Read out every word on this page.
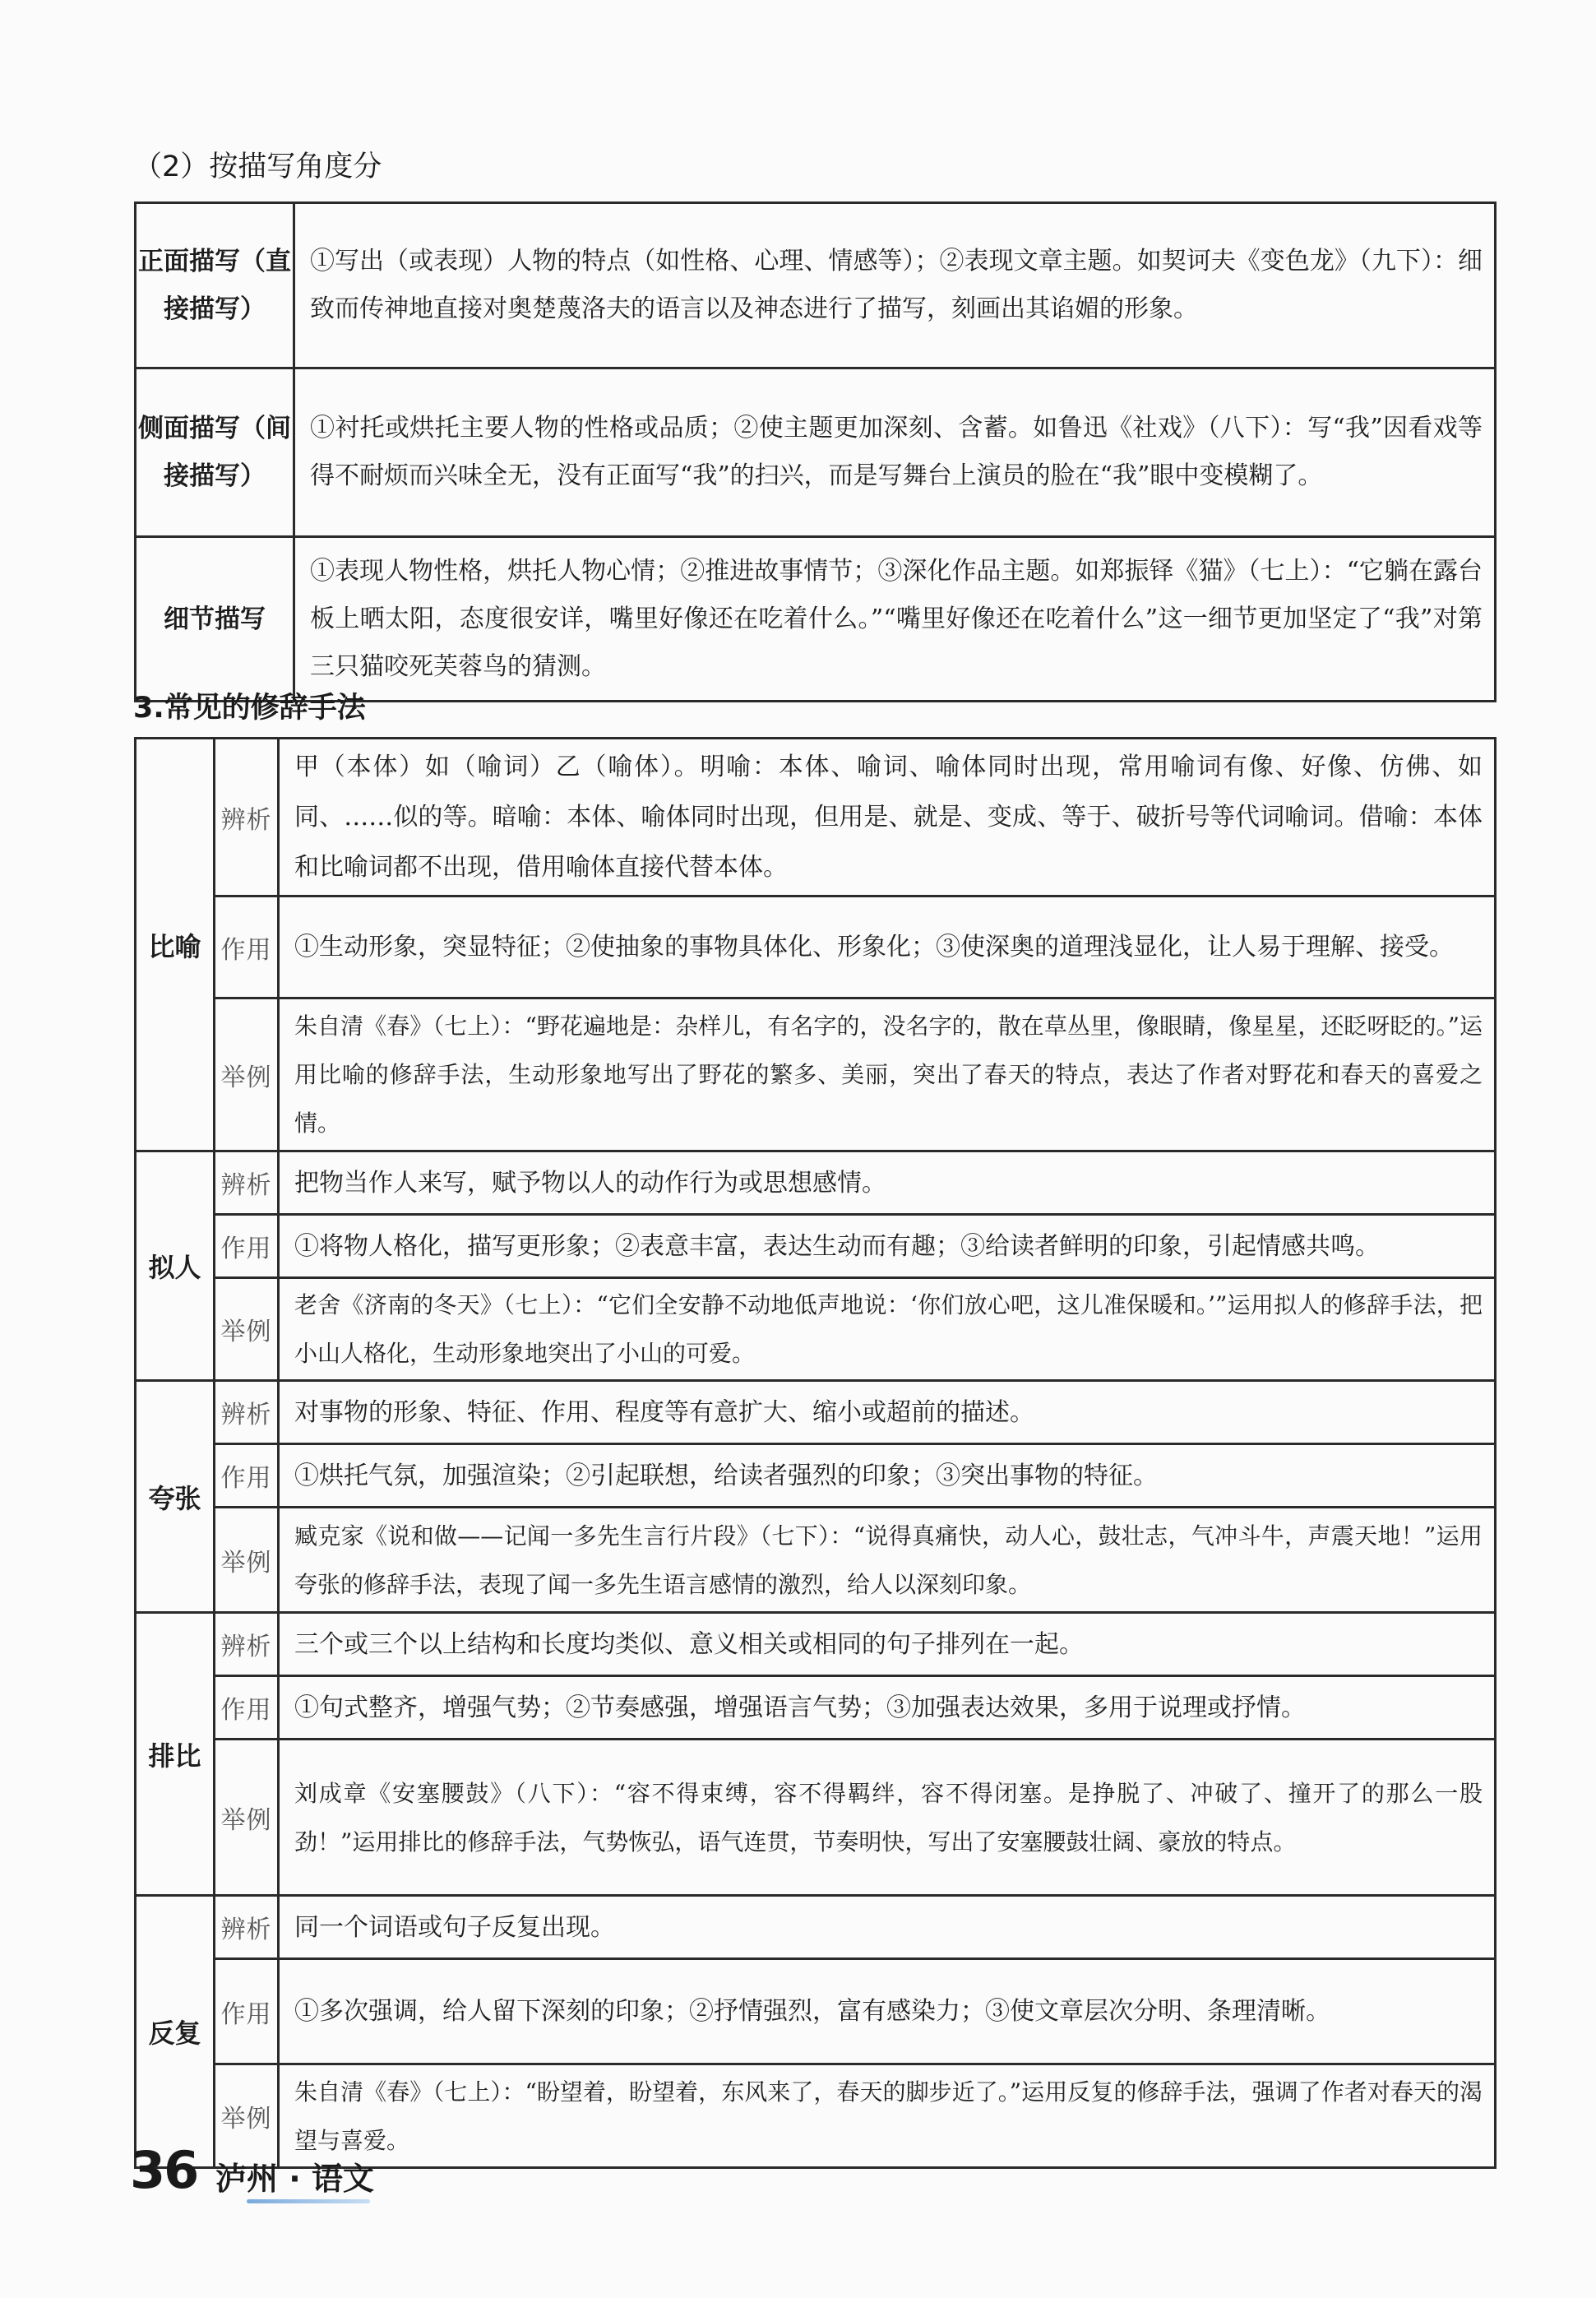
（2）按描写角度分
正面描写（直接描写）	①写出（或表现）人物的特点（如性格、心理、情感等）；②表现文章主题。如契诃夫《变色龙》（九下）：细致而传神地直接对奥楚蔑洛夫的语言以及神态进行了描写，刻画出其谄媚的形象。
侧面描写（间接描写）	①衬托或烘托主要人物的性格或品质；②使主题更加深刻、含蓄。如鲁迅《社戏》（八下）：写“我”因看戏等得不耐烦而兴味全无，没有正面写“我”的扫兴，而是写舞台上演员的脸在“我”眼中变模糊了。
细节描写	①表现人物性格，烘托人物心情；②推进故事情节；③深化作品主题。如郑振铎《猫》（七上）：“它躺在露台板上晒太阳，态度很安详，嘴里好像还在吃着什么。”“嘴里好像还在吃着什么”这一细节更加坚定了“我”对第三只猫咬死芙蓉鸟的猜测。
3.常见的修辞手法
比喻	辨析	甲（本体）如（喻词）乙（喻体）。明喻：本体、喻词、喻体同时出现，常用喻词有像、好像、仿佛、如同、……似的等。暗喻：本体、喻体同时出现，但用是、就是、变成、等于、破折号等代词喻词。借喻：本体和比喻词都不出现，借用喻体直接代替本体。
	作用	①生动形象，突显特征；②使抽象的事物具体化、形象化；③使深奥的道理浅显化，让人易于理解、接受。
	举例	朱自清《春》（七上）：“野花遍地是：杂样儿，有名字的，没名字的，散在草丛里，像眼睛，像星星，还眨呀眨的。”运用比喻的修辞手法，生动形象地写出了野花的繁多、美丽，突出了春天的特点，表达了作者对野花和春天的喜爱之情。
拟人	辨析	把物当作人来写，赋予物以人的动作行为或思想感情。
	作用	①将物人格化，描写更形象；②表意丰富，表达生动而有趣；③给读者鲜明的印象，引起情感共鸣。
	举例	老舍《济南的冬天》（七上）：“它们全安静不动地低声地说：‘你们放心吧，这儿准保暖和。’”运用拟人的修辞手法，把小山人格化，生动形象地突出了小山的可爱。
夸张	辨析	对事物的形象、特征、作用、程度等有意扩大、缩小或超前的描述。
	作用	①烘托气氛，加强渲染；②引起联想，给读者强烈的印象；③突出事物的特征。
	举例	臧克家《说和做——记闻一多先生言行片段》（七下）：“说得真痛快，动人心，鼓壮志，气冲斗牛，声震天地！”运用夸张的修辞手法，表现了闻一多先生语言感情的激烈，给人以深刻印象。
排比	辨析	三个或三个以上结构和长度均类似、意义相关或相同的句子排列在一起。
	作用	①句式整齐，增强气势；②节奏感强，增强语言气势；③加强表达效果，多用于说理或抒情。
	举例	刘成章《安塞腰鼓》（八下）：“容不得束缚，容不得羁绊，容不得闭塞。是挣脱了、冲破了、撞开了的那么一股劲！”运用排比的修辞手法，气势恢弘，语气连贯，节奏明快，写出了安塞腰鼓壮阔、豪放的特点。
反复	辨析	同一个词语或句子反复出现。
	作用	①多次强调，给人留下深刻的印象；②抒情强烈，富有感染力；③使文章层次分明、条理清晰。
	举例	朱自清《春》（七上）：“盼望着，盼望着，东风来了，春天的脚步近了。”运用反复的修辞手法，强调了作者对春天的渴望与喜爱。
36 泸州 · 语文
